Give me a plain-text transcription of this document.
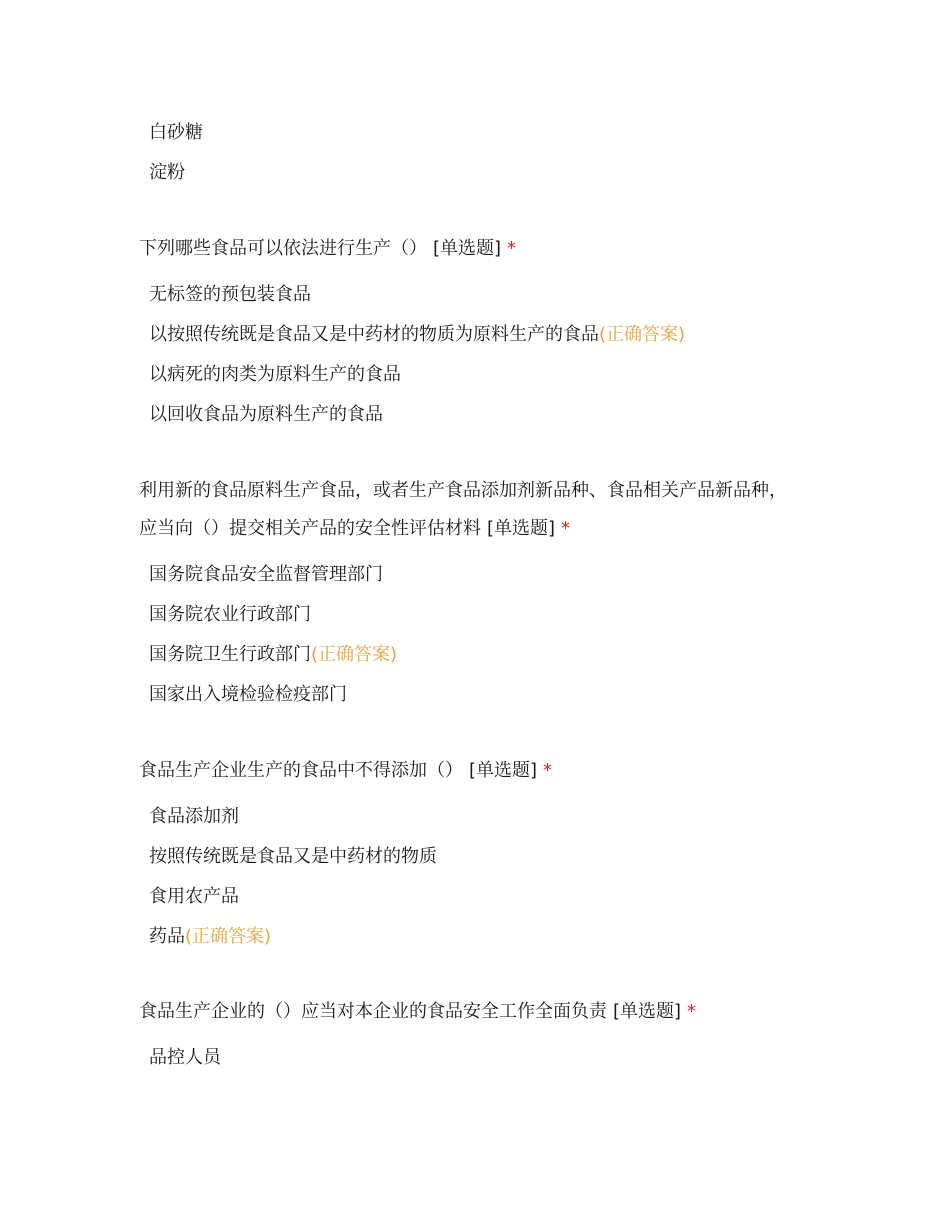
白砂糖
淀粉
下列哪些食品可以依法进行生产（） [单选题] *
无标签的预包装食品
以按照传统既是食品又是中药材的物质为原料生产的食品(正确答案)
以病死的肉类为原料生产的食品
以回收食品为原料生产的食品
利用新的食品原料生产食品，或者生产食品添加剂新品种、食品相关产品新品种，
应当向（）提交相关产品的安全性评估材料 [单选题] *
国务院食品安全监督管理部门
国务院农业行政部门
国务院卫生行政部门(正确答案)
国家出入境检验检疫部门
食品生产企业生产的食品中不得添加（） [单选题] *
食品添加剂
按照传统既是食品又是中药材的物质
食用农产品
药品(正确答案)
食品生产企业的（）应当对本企业的食品安全工作全面负责 [单选题] *
品控人员
